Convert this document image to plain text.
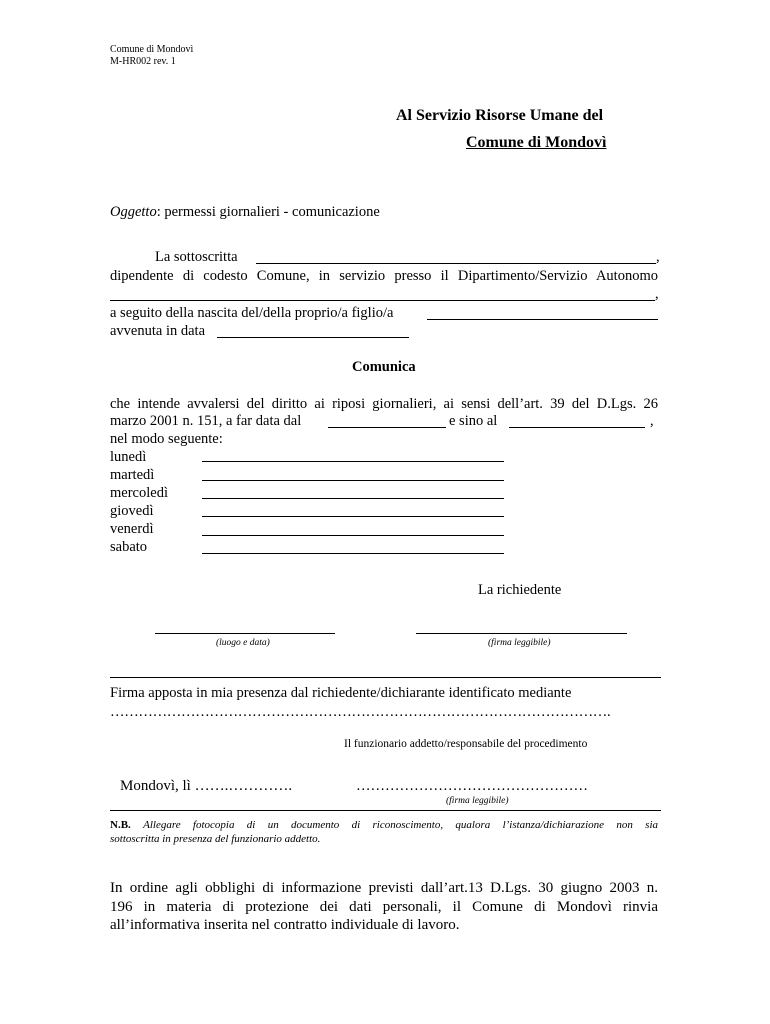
Comune di Mondovì
M-HR002 rev. 1
Al Servizio Risorse Umane del
Comune di Mondovì
Oggetto: permessi giornalieri - comunicazione
La sottoscritta	,
dipendente di codesto Comune, in servizio presso il Dipartimento/Servizio Autonomo
,
a seguito della nascita del/della proprio/a figlio/a
avvenuta in data
Comunica
che intende avvalersi del diritto ai riposi giornalieri, ai sensi dell’art. 39 del D.Lgs. 26
marzo 2001 n. 151, a far data dal	e sino al	,
nel modo seguente:
lunedì
martedì
mercoledì
giovedì
venerdì
sabato
La richiedente
(luogo e data)	(firma leggibile)
Firma apposta in mia presenza dal richiedente/dichiarante identificato mediante
…………………………………………………………………………………………….
Il funzionario addetto/responsabile del procedimento
Mondovì, lì …….………….	…………………………………………
(firma leggibile)
N.B. Allegare fotocopia di un documento di riconoscimento, qualora l’istanza/dichiarazione non sia
sottoscritta in presenza del funzionario addetto.
In ordine agli obblighi di informazione previsti dall’art.13 D.Lgs. 30 giugno 2003 n.
196 in materia di protezione dei dati personali, il Comune di Mondovì rinvia
all’informativa inserita nel contratto individuale di lavoro.
